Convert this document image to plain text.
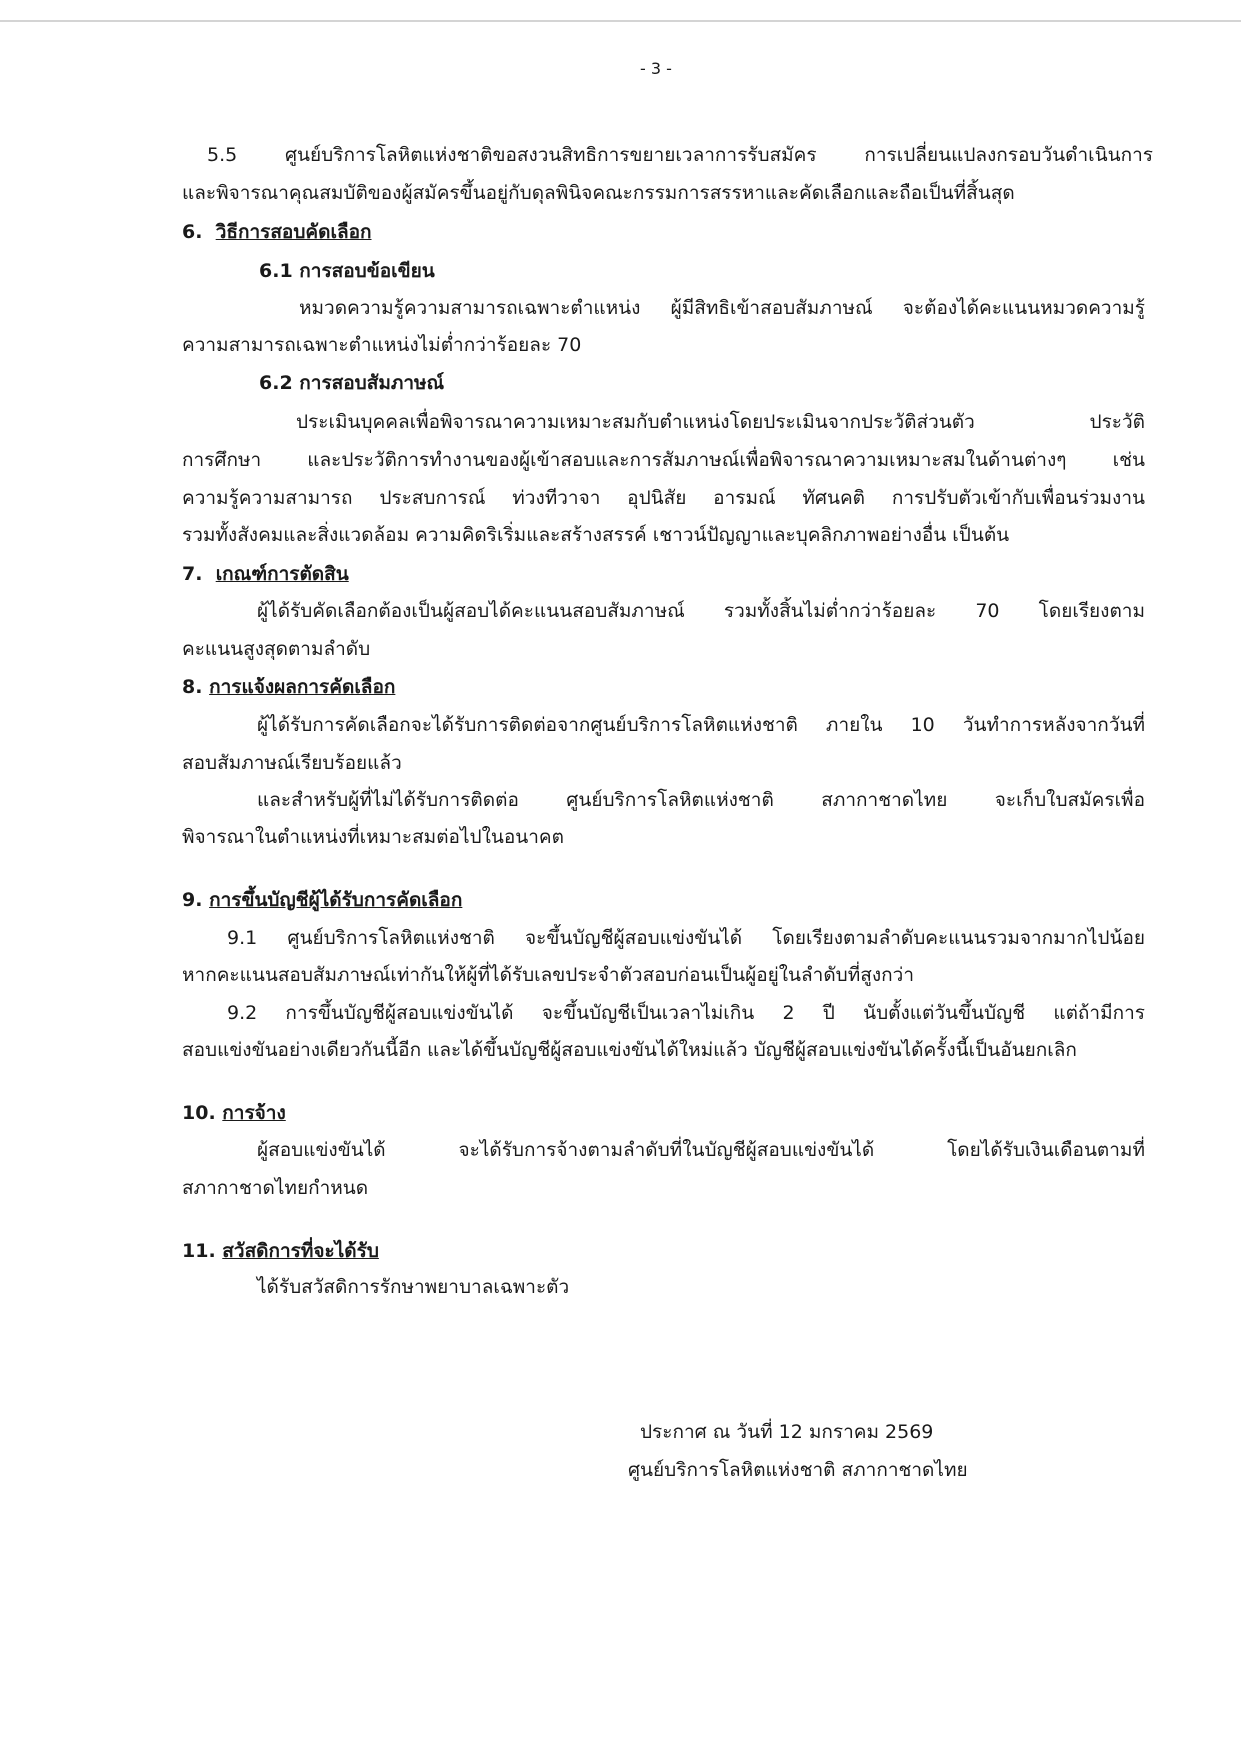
- 3 -
5.5 ศูนย์บริการโลหิตแห่งชาติขอสงวนสิทธิการขยายเวลาการรับสมัคร การเปลี่ยนแปลงกรอบวันดำเนินการ
และพิจารณาคุณสมบัติของผู้สมัครขึ้นอยู่กับดุลพินิจคณะกรรมการสรรหาและคัดเลือกและถือเป็นที่สิ้นสุด
6. วิธีการสอบคัดเลือก
6.1 การสอบข้อเขียน
หมวดความรู้ความสามารถเฉพาะตำแหน่ง ผู้มีสิทธิเข้าสอบสัมภาษณ์ จะต้องได้คะแนนหมวดความรู้
ความสามารถเฉพาะตำแหน่งไม่ต่ำกว่าร้อยละ 70
6.2 การสอบสัมภาษณ์
ประเมินบุคคลเพื่อพิจารณาความเหมาะสมกับตำแหน่งโดยประเมินจากประวัติส่วนตัว ประวัติ
การศึกษา และประวัติการทำงานของผู้เข้าสอบและการสัมภาษณ์เพื่อพิจารณาความเหมาะสมในด้านต่างๆ เช่น
ความรู้ความสามารถ ประสบการณ์ ท่วงทีวาจา อุปนิสัย อารมณ์ ทัศนคติ การปรับตัวเข้ากับเพื่อนร่วมงาน
รวมทั้งสังคมและสิ่งแวดล้อม ความคิดริเริ่มและสร้างสรรค์ เชาวน์ปัญญาและบุคลิกภาพอย่างอื่น เป็นต้น
7. เกณฑ์การตัดสิน
ผู้ได้รับคัดเลือกต้องเป็นผู้สอบได้คะแนนสอบสัมภาษณ์ รวมทั้งสิ้นไม่ต่ำกว่าร้อยละ 70 โดยเรียงตาม
คะแนนสูงสุดตามลำดับ
8. การแจ้งผลการคัดเลือก
ผู้ได้รับการคัดเลือกจะได้รับการติดต่อจากศูนย์บริการโลหิตแห่งชาติ ภายใน 10 วันทำการหลังจากวันที่
สอบสัมภาษณ์เรียบร้อยแล้ว
และสำหรับผู้ที่ไม่ได้รับการติดต่อ ศูนย์บริการโลหิตแห่งชาติ สภากาชาดไทย จะเก็บใบสมัครเพื่อ
พิจารณาในตำแหน่งที่เหมาะสมต่อไปในอนาคต
9. การขึ้นบัญชีผู้ได้รับการคัดเลือก
9.1 ศูนย์บริการโลหิตแห่งชาติ จะขึ้นบัญชีผู้สอบแข่งขันได้ โดยเรียงตามลำดับคะแนนรวมจากมากไปน้อย
หากคะแนนสอบสัมภาษณ์เท่ากันให้ผู้ที่ได้รับเลขประจำตัวสอบก่อนเป็นผู้อยู่ในลำดับที่สูงกว่า
9.2 การขึ้นบัญชีผู้สอบแข่งขันได้ จะขึ้นบัญชีเป็นเวลาไม่เกิน 2 ปี นับตั้งแต่วันขึ้นบัญชี แต่ถ้ามีการ
สอบแข่งขันอย่างเดียวกันนี้อีก และได้ขึ้นบัญชีผู้สอบแข่งขันได้ใหม่แล้ว บัญชีผู้สอบแข่งขันได้ครั้งนี้เป็นอันยกเลิก
10. การจ้าง
ผู้สอบแข่งขันได้ จะได้รับการจ้างตามลำดับที่ในบัญชีผู้สอบแข่งขันได้ โดยได้รับเงินเดือนตามที่
สภากาชาดไทยกำหนด
11. สวัสดิการที่จะได้รับ
ได้รับสวัสดิการรักษาพยาบาลเฉพาะตัว
ประกาศ ณ วันที่ 12 มกราคม 2569
ศูนย์บริการโลหิตแห่งชาติ สภากาชาดไทย
